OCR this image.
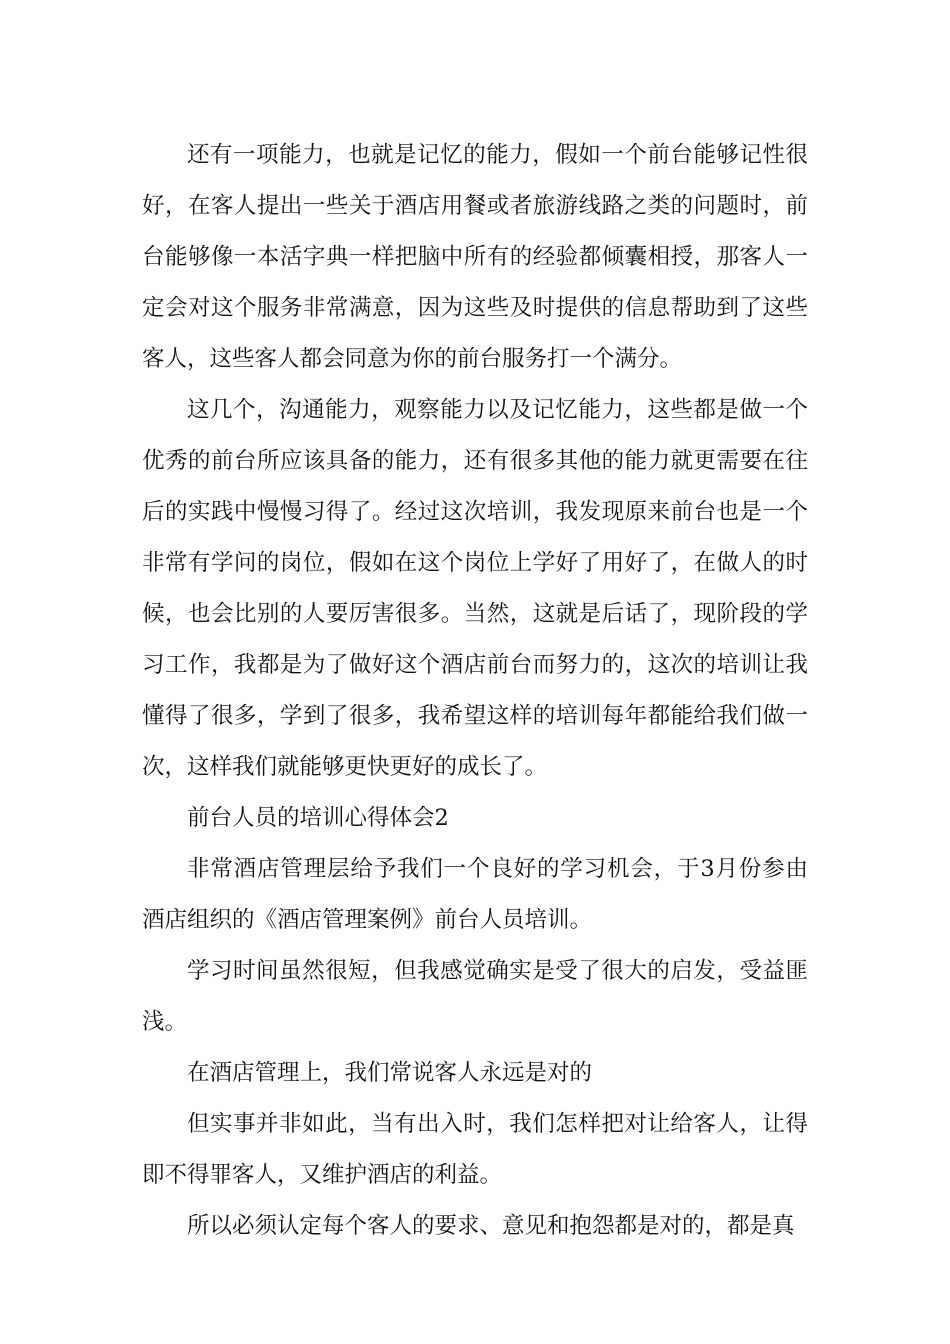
还有一项能力，也就是记忆的能力，假如一个前台能够记性很好，在客人提出一些关于酒店用餐或者旅游线路之类的问题时，前台能够像一本活字典一样把脑中所有的经验都倾囊相授，那客人一定会对这个服务非常满意，因为这些及时提供的信息帮助到了这些客人，这些客人都会同意为你的前台服务打一个满分。

这几个，沟通能力，观察能力以及记忆能力，这些都是做一个优秀的前台所应该具备的能力，还有很多其他的能力就更需要在往后的实践中慢慢习得了。经过这次培训，我发现原来前台也是一个非常有学问的岗位，假如在这个岗位上学好了用好了，在做人的时候，也会比别的人要厉害很多。当然，这就是后话了，现阶段的学习工作，我都是为了做好这个酒店前台而努力的，这次的培训让我懂得了很多，学到了很多，我希望这样的培训每年都能给我们做一次，这样我们就能够更快更好的成长了。

前台人员的培训心得体会2

非常酒店管理层给予我们一个良好的学习机会，于3月份参由酒店组织的《酒店管理案例》前台人员培训。

学习时间虽然很短，但我感觉确实是受了很大的启发，受益匪浅。

在酒店管理上，我们常说客人永远是对的

但实事并非如此，当有出入时，我们怎样把对让给客人，让得即不得罪客人，又维护酒店的利益。

所以必须认定每个客人的要求、意见和抱怨都是对的，都是真
